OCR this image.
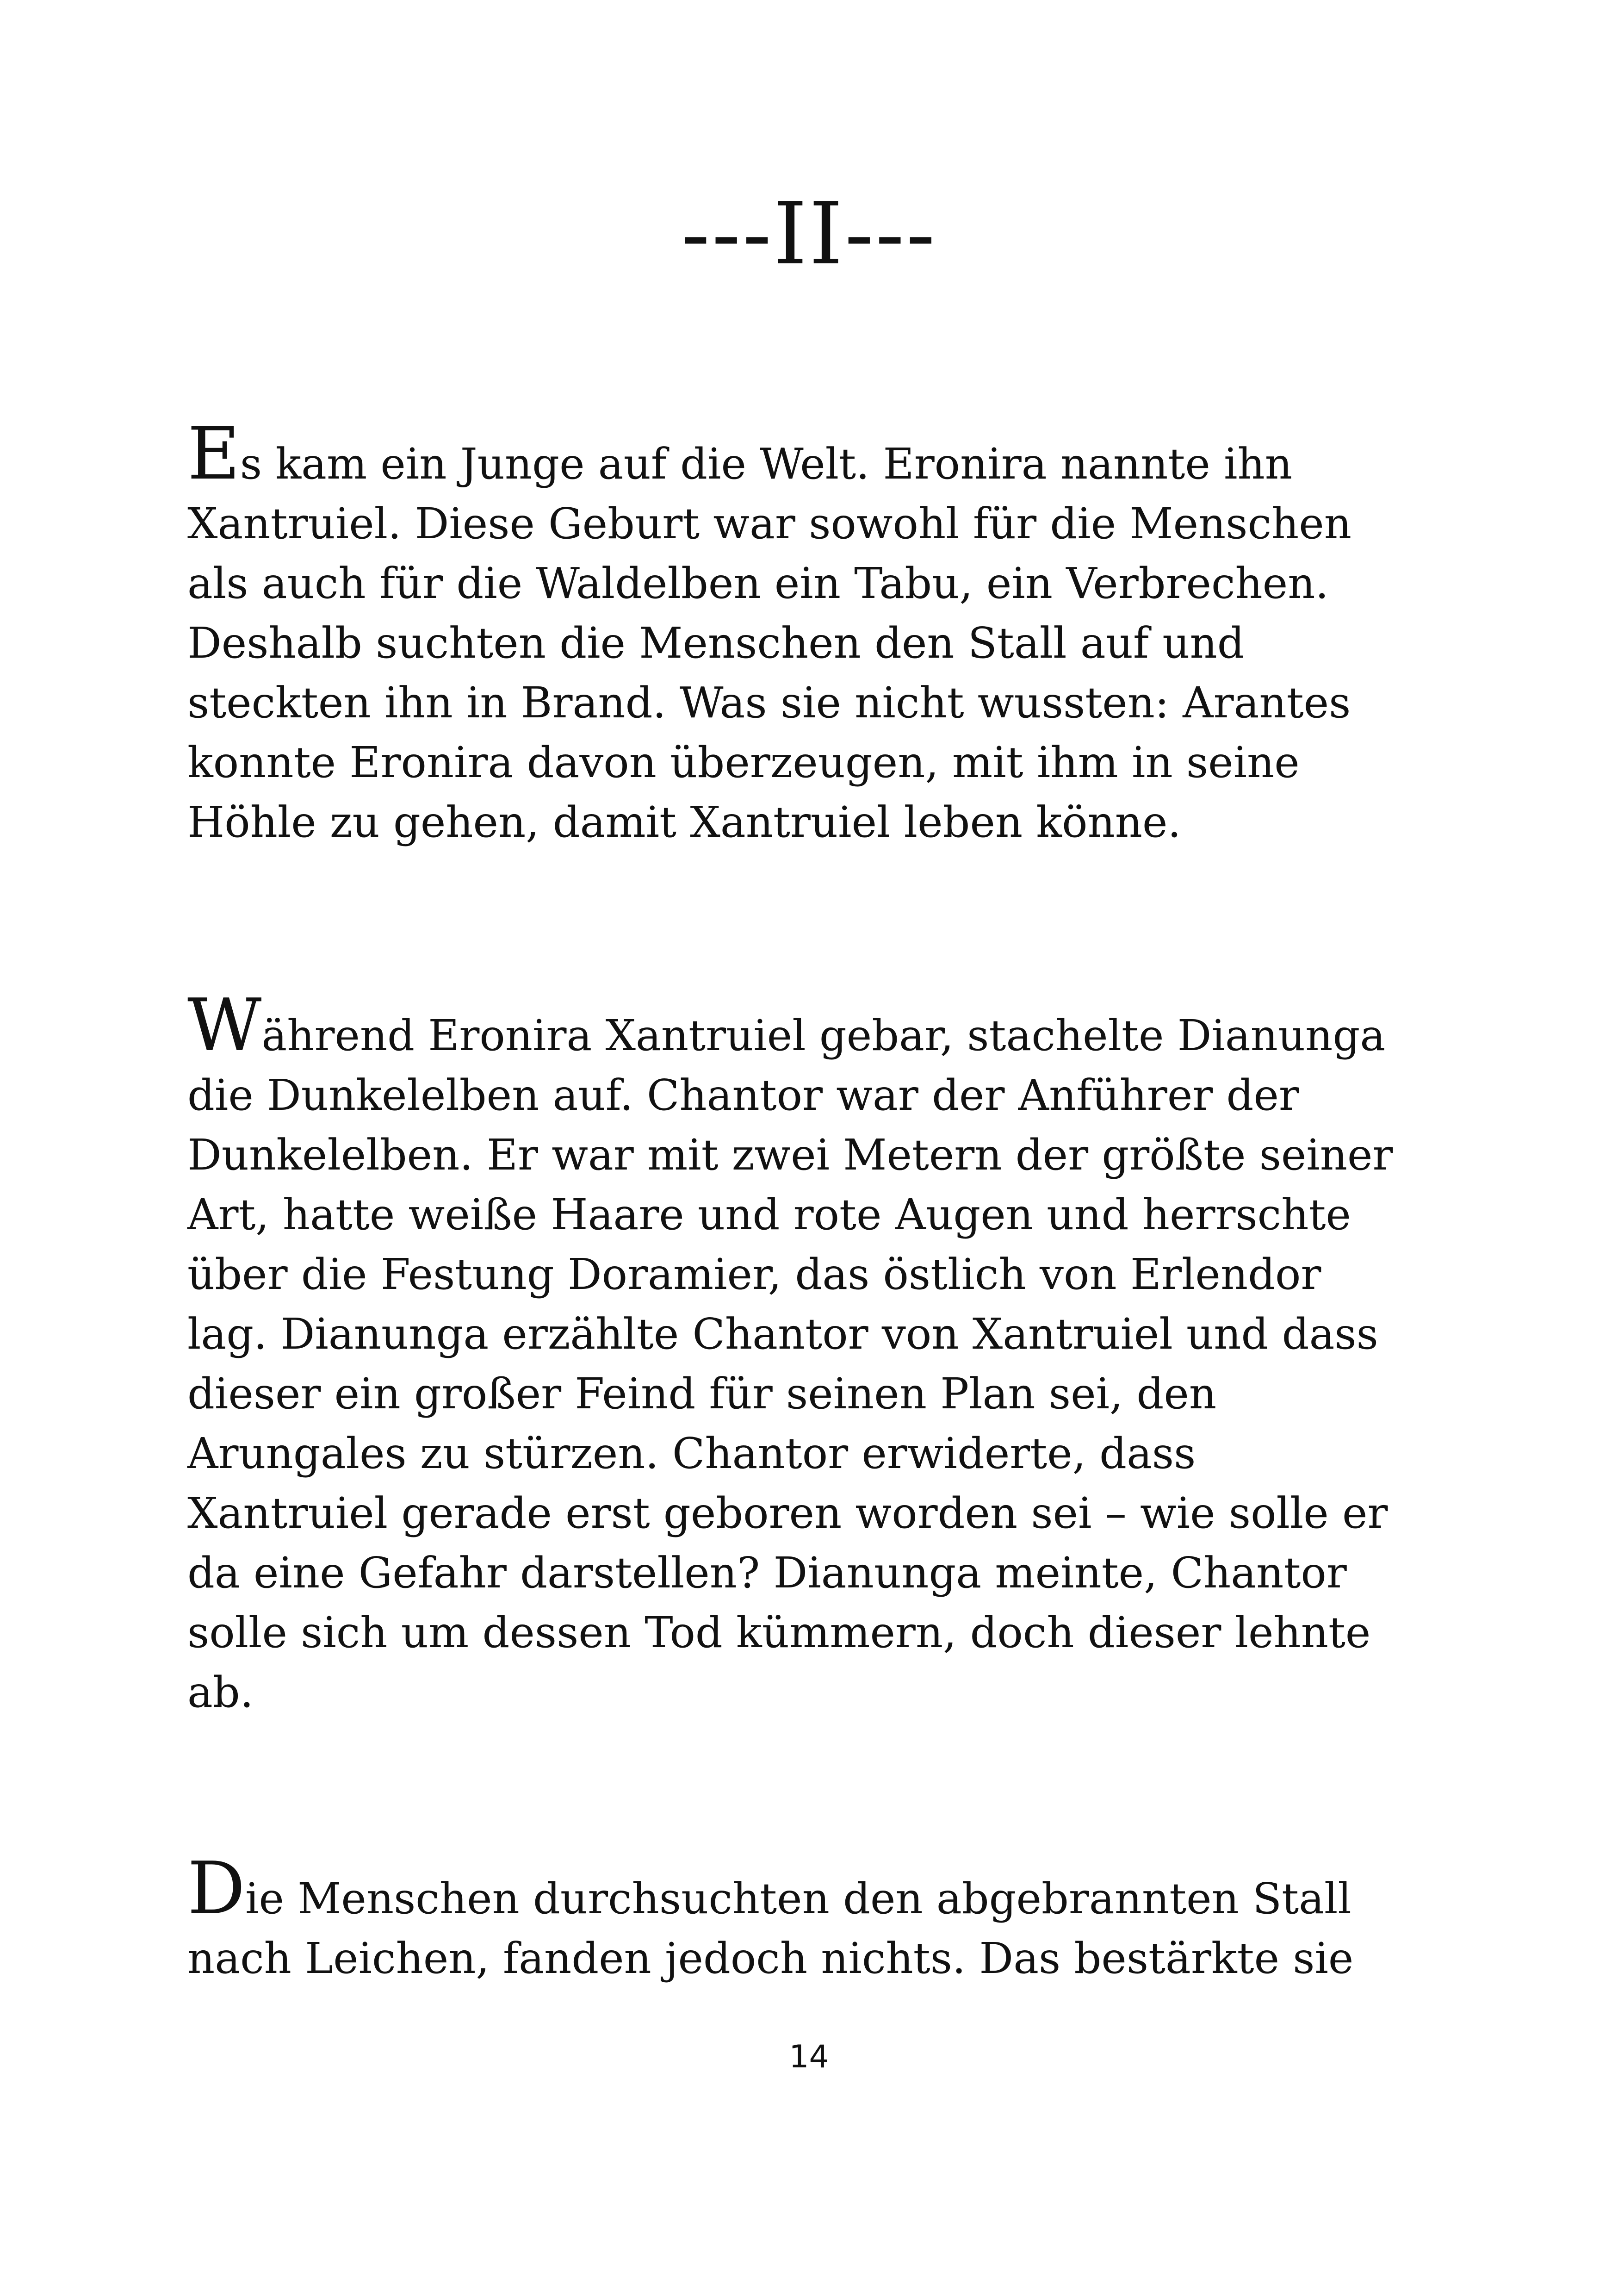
---II---

Es kam ein Junge auf die Welt. Eronira nannte ihn
Xantruiel. Diese Geburt war sowohl für die Menschen
als auch für die Waldelben ein Tabu, ein Verbrechen.
Deshalb suchten die Menschen den Stall auf und
steckten ihn in Brand. Was sie nicht wussten: Arantes
konnte Eronira davon überzeugen, mit ihm in seine
Höhle zu gehen, damit Xantruiel leben könne.

Während Eronira Xantruiel gebar, stachelte Dianunga
die Dunkelelben auf. Chantor war der Anführer der
Dunkelelben. Er war mit zwei Metern der größte seiner
Art, hatte weiße Haare und rote Augen und herrschte
über die Festung Doramier, das östlich von Erlendor
lag. Dianunga erzählte Chantor von Xantruiel und dass
dieser ein großer Feind für seinen Plan sei, den
Arungales zu stürzen. Chantor erwiderte, dass
Xantruiel gerade erst geboren worden sei – wie solle er
da eine Gefahr darstellen? Dianunga meinte, Chantor
solle sich um dessen Tod kümmern, doch dieser lehnte
ab.

Die Menschen durchsuchten den abgebrannten Stall
nach Leichen, fanden jedoch nichts. Das bestärkte sie

14
